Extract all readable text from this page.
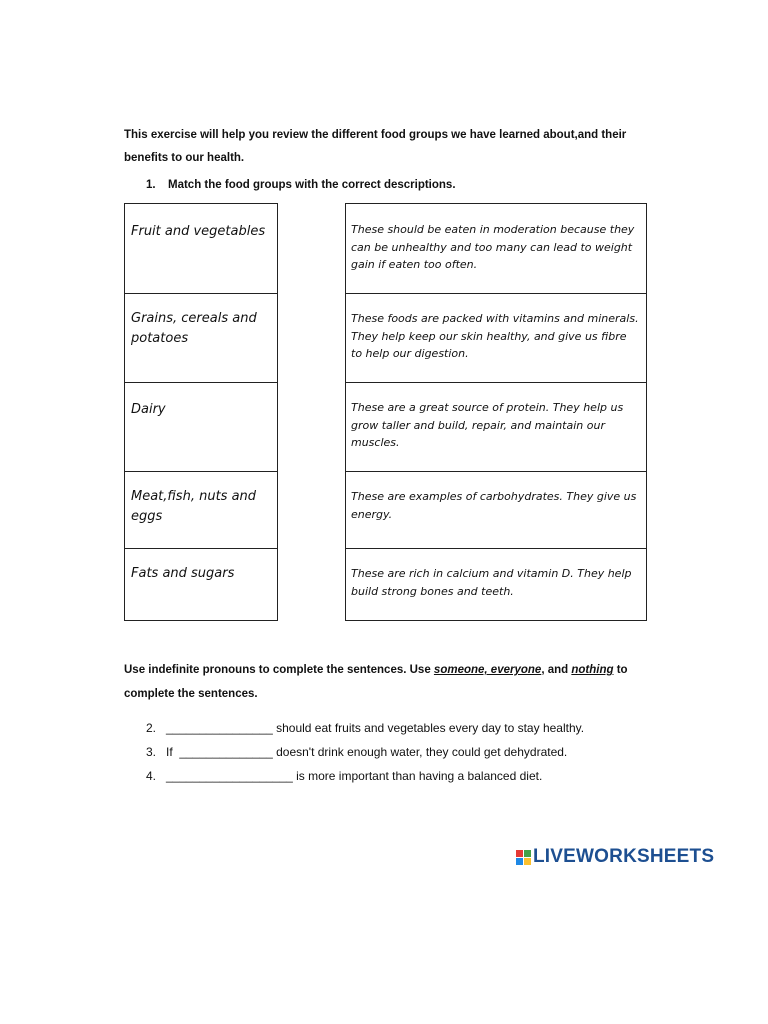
This exercise will help you review the different food groups we have learned about,and their benefits to our health.

1. Match the food groups with the correct descriptions.

Fruit and vegetables
Grains, cereals and potatoes
Dairy
Meat,fish, nuts and eggs
Fats and sugars
These should be eaten in moderation because they can be unhealthy and too many can lead to weight gain if eaten too often.
These foods are packed with vitamins and minerals. They help keep our skin healthy, and give us fibre to help our digestion.
These are a great source of protein. They help us grow taller and build, repair, and maintain our muscles.
These are examples of carbohydrates. They give us energy.
These are rich in calcium and vitamin D. They help build strong bones and teeth.

Use indefinite pronouns to complete the sentences. Use someone, everyone, and nothing to complete the sentences.

2. ________________ should eat fruits and vegetables every day to stay healthy.
3. If  ______________ doesn't drink enough water, they could get dehydrated.
4. ___________________ is more important than having a balanced diet.
LIVEWORKSHEETS
